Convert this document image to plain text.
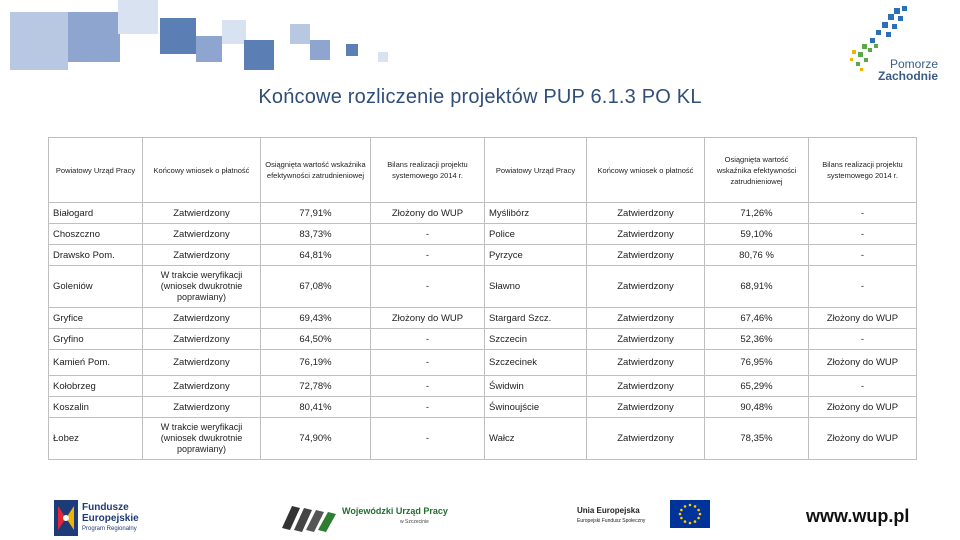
Pomorze
Zachodnie
Końcowe rozliczenie projektów PUP 6.1.3 PO KL
Powiatowy Urząd Pracy	Końcowy wniosek o płatność	Osiągnięta wartość wskaźnika efektywności zatrudnieniowej	Bilans realizacji projektu systemowego 2014 r.	Powiatowy Urząd Pracy	Końcowy wniosek o płatność	Osiągnięta wartość wskaźnika efektywności zatrudnieniowej	Bilans realizacji projektu systemowego 2014 r.
Białogard	Zatwierdzony	77,91%	Złożony do WUP	Myślibórz	Zatwierdzony	71,26%	-
Choszczno	Zatwierdzony	83,73%	-	Police	Zatwierdzony	59,10%	-
Drawsko Pom.	Zatwierdzony	64,81%	-	Pyrzyce	Zatwierdzony	80,76 %	-
Goleniów	W trakcie weryfikacji (wniosek dwukrotnie poprawiany)	67,08%	-	Sławno	Zatwierdzony	68,91%	-
Gryfice	Zatwierdzony	69,43%	Złożony do WUP	Stargard Szcz.	Zatwierdzony	67,46%	Złożony do WUP
Gryfino	Zatwierdzony	64,50%	-	Szczecin	Zatwierdzony	52,36%	-
Kamień Pom.	Zatwierdzony	76,19%	-	Szczecinek	Zatwierdzony	76,95%	Złożony do WUP
Kołobrzeg	Zatwierdzony	72,78%	-	Świdwin	Zatwierdzony	65,29%	-
Koszalin	Zatwierdzony	80,41%	-	Świnoujście	Zatwierdzony	90,48%	Złożony do WUP
Łobez	W trakcie weryfikacji (wniosek dwukrotnie poprawiany)	74,90%	-	Wałcz	Zatwierdzony	78,35%	Złożony do WUP
Fundusze
Europejskie
Program Regionalny
Wojewódzki Urząd Pracy
w Szczecinie
Unia Europejska
Europejski Fundusz Społeczny	www.wup.pl
